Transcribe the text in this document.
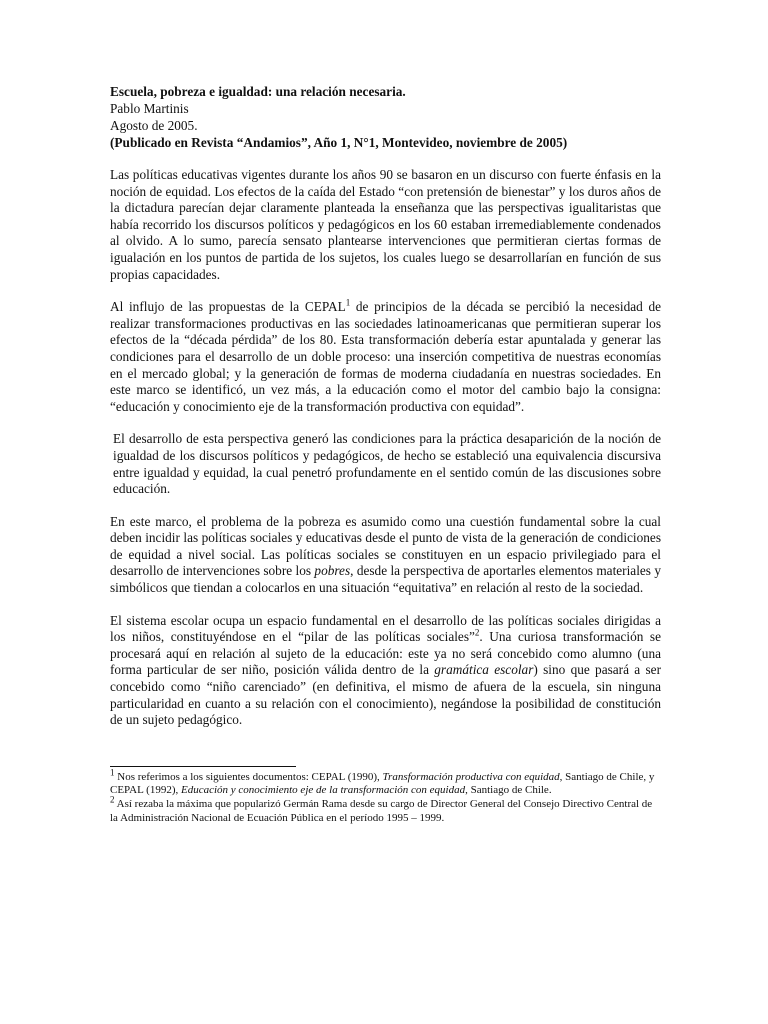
Escuela, pobreza e igualdad: una relación necesaria.
Pablo Martinis
Agosto de 2005.
(Publicado en Revista “Andamios”, Año 1, N°1, Montevideo, noviembre de 2005)

Las políticas educativas vigentes durante los años 90 se basaron en un discurso con fuerte énfasis en la noción de equidad. Los efectos de la caída del Estado “con pretensión de bienestar” y los duros años de la dictadura parecían dejar claramente planteada la enseñanza que las perspectivas igualitaristas que había recorrido los discursos políticos y pedagógicos en los 60 estaban irremediablemente condenados al olvido. A lo sumo, parecía sensato plantearse intervenciones que permitieran ciertas formas de igualación en los puntos de partida de los sujetos, los cuales luego se desarrollarían en función de sus propias capacidades.

Al influjo de las propuestas de la CEPAL$^1$ de principios de la década se percibió la necesidad de realizar transformaciones productivas en las sociedades latinoamericanas que permitieran superar los efectos de la “década pérdida” de los 80. Esta transformación debería estar apuntalada y generar las condiciones para el desarrollo de un doble proceso: una inserción competitiva de nuestras economías en el mercado global; y la generación de formas de moderna ciudadanía en nuestras sociedades. En este marco se identificó, un vez más, a la educación como el motor del cambio bajo la consigna: “educación y conocimiento eje de la transformación productiva con equidad”.

El desarrollo de esta perspectiva generó las condiciones para la práctica desaparición de la noción de igualdad de los discursos políticos y pedagógicos, de hecho se estableció una equivalencia discursiva entre igualdad y equidad, la cual penetró profundamente en el sentido común de las discusiones sobre educación.

En este marco, el problema de la pobreza es asumido como una cuestión fundamental sobre la cual deben incidir las políticas sociales y educativas desde el punto de vista de la generación de condiciones de equidad a nivel social. Las políticas sociales se constituyen en un espacio privilegiado para el desarrollo de intervenciones sobre los pobres, desde la perspectiva de aportarles elementos materiales y simbólicos que tiendan a colocarlos en una situación “equitativa” en relación al resto de la sociedad.

El sistema escolar ocupa un espacio fundamental en el desarrollo de las políticas sociales dirigidas a los niños, constituyéndose en el “pilar de las políticas sociales”$^2$. Una curiosa transformación se procesará aquí en relación al sujeto de la educación: este ya no será concebido como alumno (una forma particular de ser niño, posición válida dentro de la gramática escolar) sino que pasará a ser concebido como “niño carenciado” (en definitiva, el mismo de afuera de la escuela, sin ninguna particularidad en cuanto a su relación con el conocimiento), negándose la posibilidad de constitución de un sujeto pedagógico.

$^1$ Nos referimos a los siguientes documentos: CEPAL (1990), Transformación productiva con equidad, Santiago de Chile, y CEPAL (1992), Educación y conocimiento eje de la transformación con equidad, Santiago de Chile.

$^2$ Así rezaba la máxima que popularizó Germán Rama desde su cargo de Director General del Consejo Directivo Central de la Administración Nacional de Ecuación Pública en el período 1995 – 1999.
